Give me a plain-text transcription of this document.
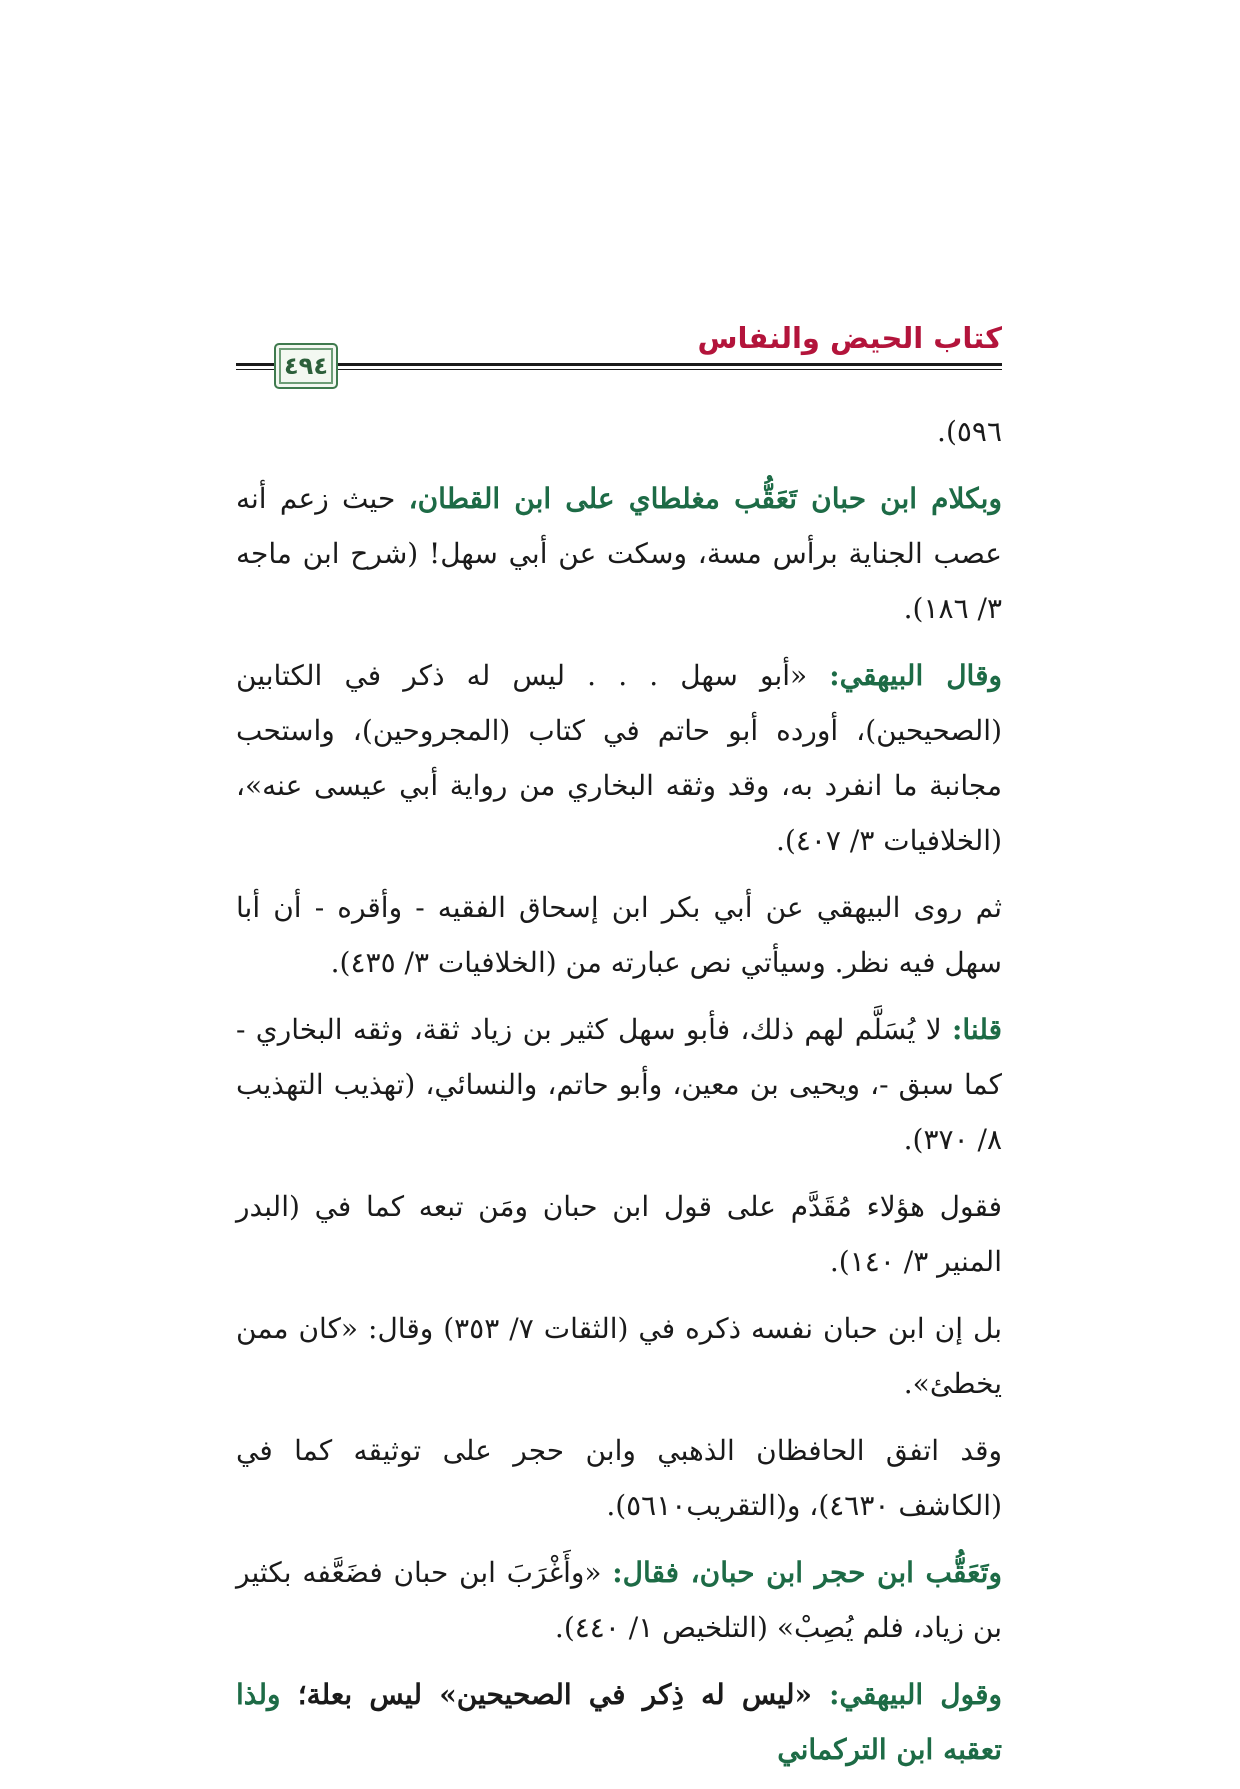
كتاب الحيض والنفاس
٤٩٤

٥٩٦).

وبكلام ابن حبان تَعَقُّب مغلطاي على ابن القطان، حيث زعم أنه عصب الجناية برأس مسة، وسكت عن أبي سهل! (شرح ابن ماجه ٣/ ١٨٦).

وقال البيهقي: «أبو سهل . . . ليس له ذكر في الكتابين (الصحيحين)، أورده أبو حاتم في كتاب (المجروحين)، واستحب مجانبة ما انفرد به، وقد وثقه البخاري من رواية أبي عيسى عنه»، (الخلافيات ٣/ ٤٠٧).

ثم روى البيهقي عن أبي بكر ابن إسحاق الفقيه - وأقره - أن أبا سهل فيه نظر. وسيأتي نص عبارته من (الخلافيات ٣/ ٤٣٥).

قلنا: لا يُسَلَّم لهم ذلك، فأبو سهل كثير بن زياد ثقة، وثقه البخاري - كما سبق -، ويحيى بن معين، وأبو حاتم، والنسائي، (تهذيب التهذيب ٨/ ٣٧٠).

فقول هؤلاء مُقَدَّم على قول ابن حبان ومَن تبعه كما في (البدر المنير ٣/ ١٤٠).

بل إن ابن حبان نفسه ذكره في (الثقات ٧/ ٣٥٣) وقال: «كان ممن يخطئ».

وقد اتفق الحافظان الذهبي وابن حجر على توثيقه كما في (الكاشف ٤٦٣٠)، و(التقريب٥٦١٠).

وتَعَقُّب ابن حجر ابن حبان، فقال: «وأَغْرَبَ ابن حبان فضَعَّفه بكثير بن زياد، فلم يُصِبْ» (التلخيص ١/ ٤٤٠).

وقول البيهقي: «ليس له ذِكر في الصحيحين» ليس بعلة؛ ولذا تعقبه ابن التركماني
